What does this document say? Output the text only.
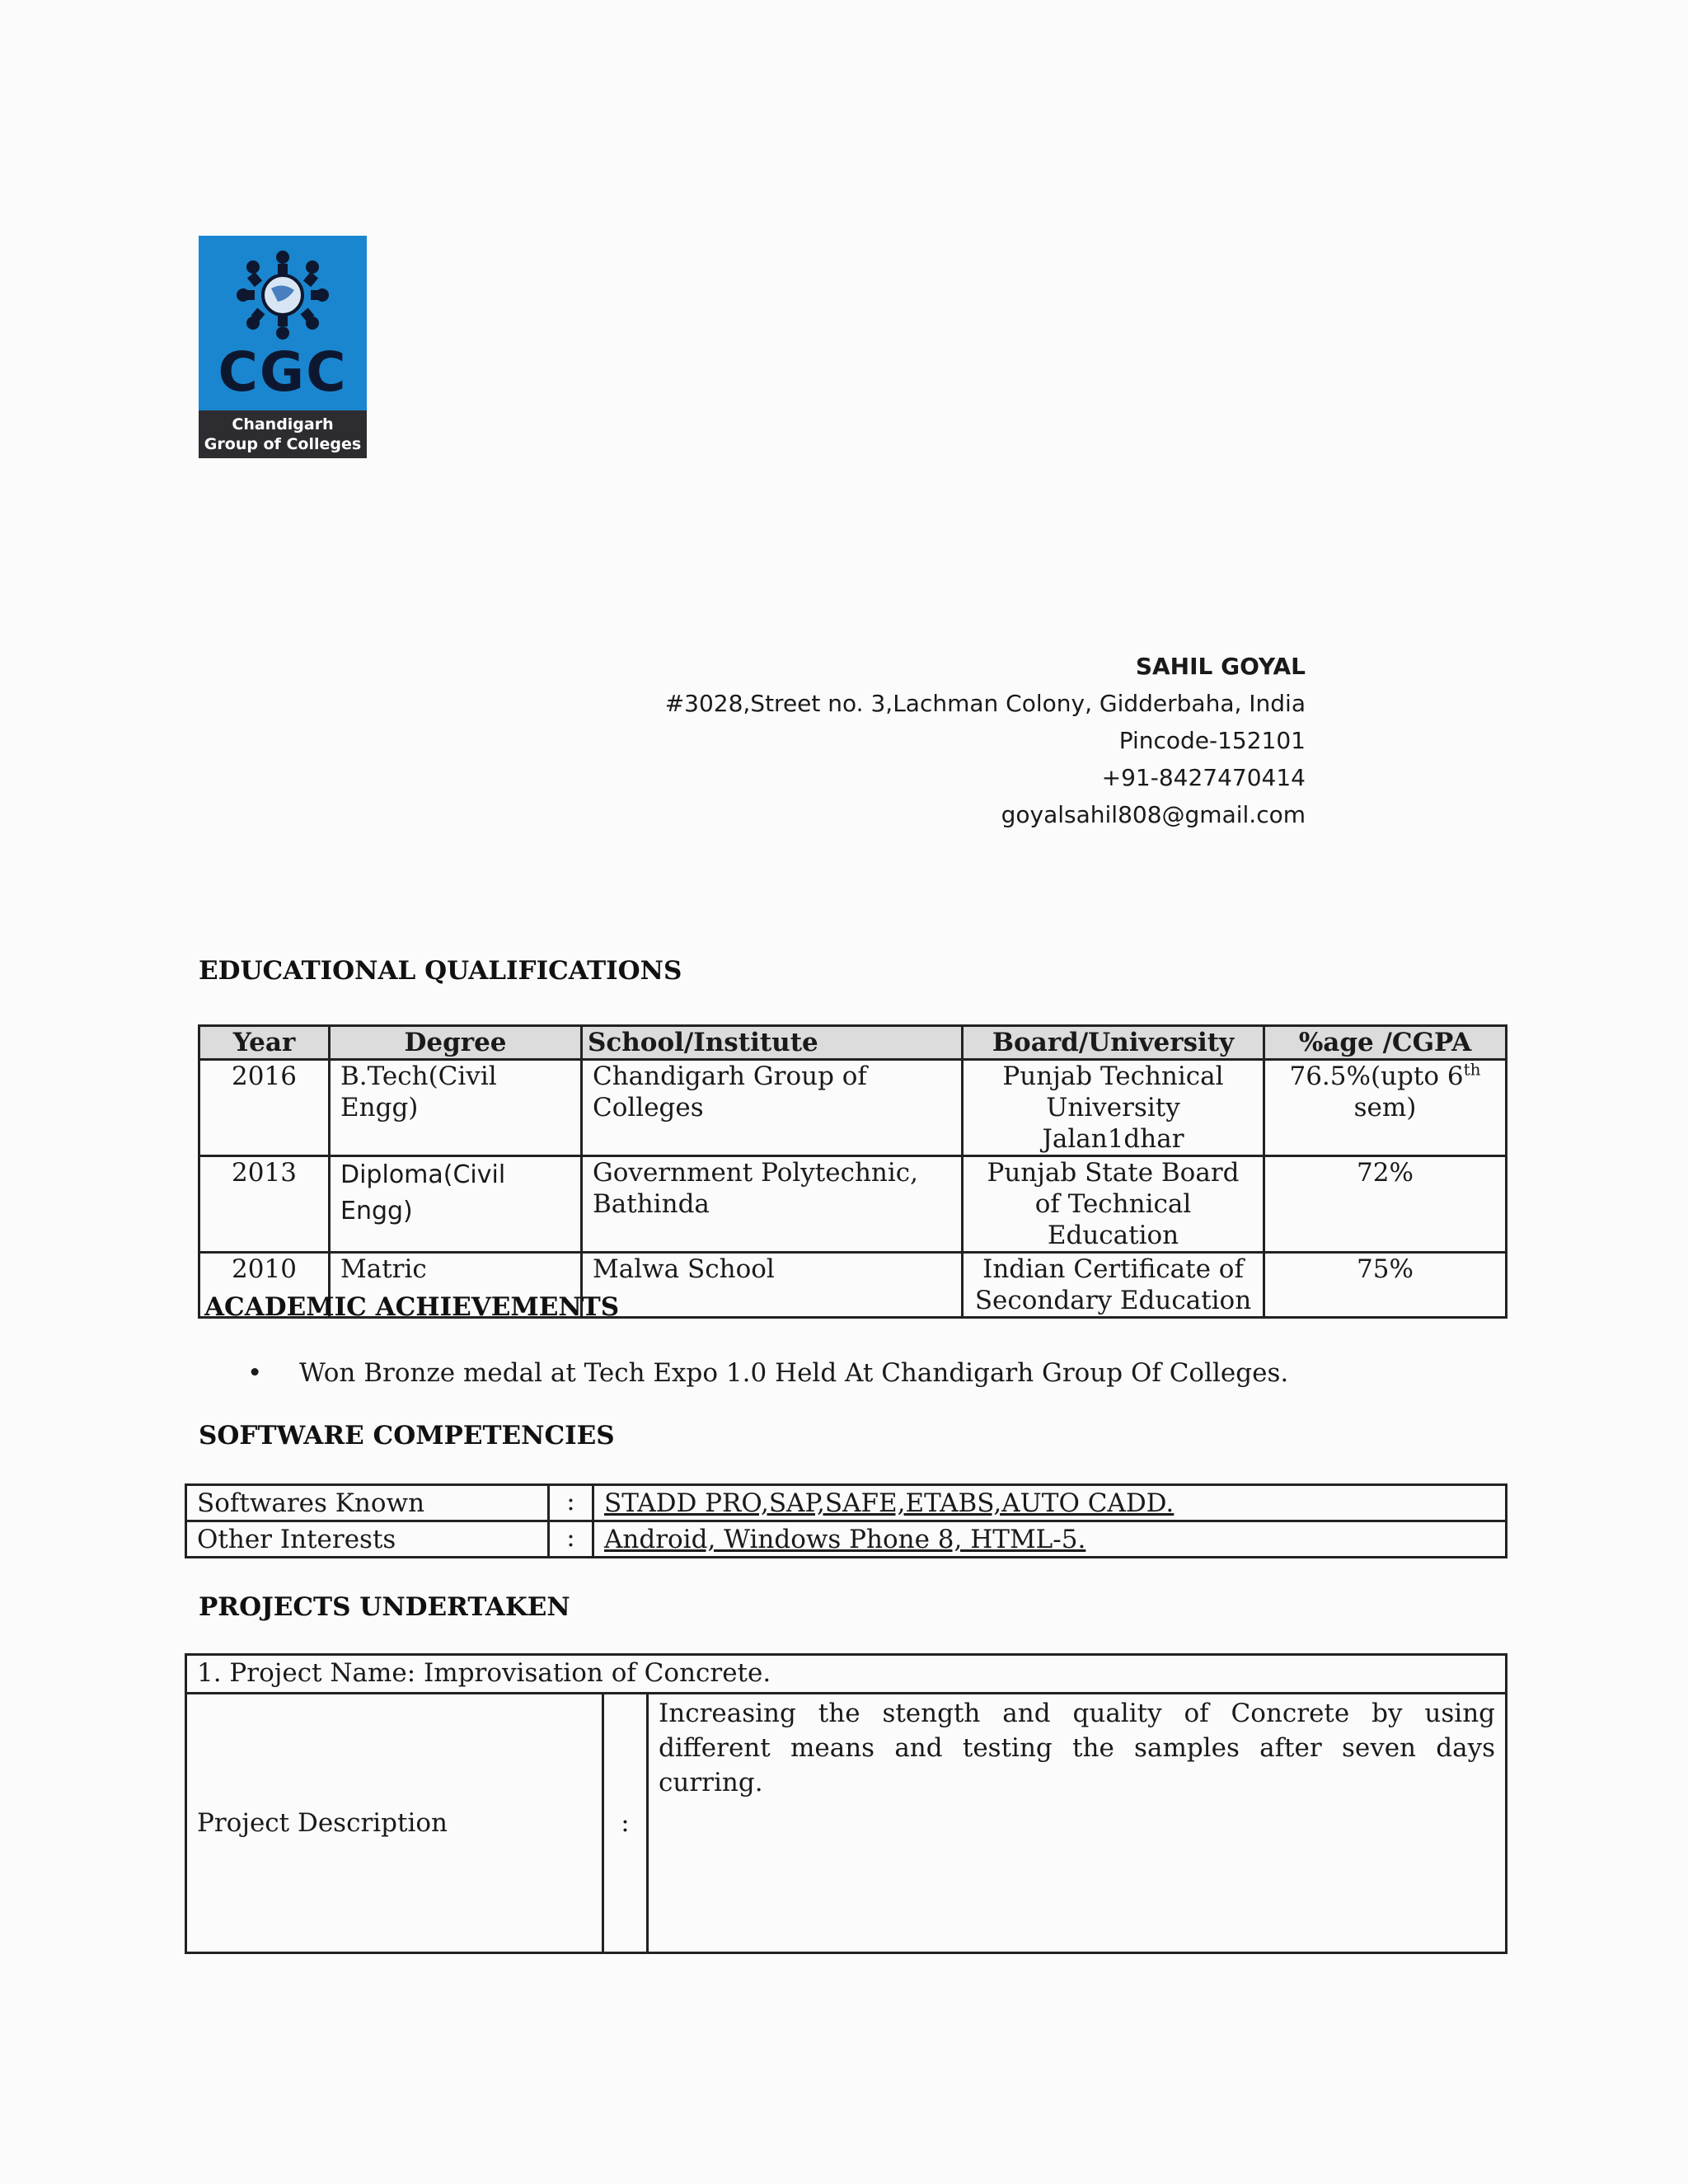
CGC
Chandigarh
Group of Colleges
SAHIL GOYAL
#3028,Street no. 3,Lachman Colony, Gidderbaha, India
Pincode-152101
+91-8427470414
goyalsahil808@gmail.com
EDUCATIONAL QUALIFICATIONS
Year	Degree	School/Institute	Board/University	%age /CGPA
2016	B.Tech(Civil Engg)	Chandigarh Group of Colleges	Punjab Technical University Jalan1dhar	76.5%(upto 6th sem)
2013	Diploma(Civil Engg)	Government Polytechnic, Bathinda	Punjab State Board of Technical Education	72%
2010	Matric	Malwa School	Indian Certificate of Secondary Education	75%
ACADEMIC ACHIEVEMENTS
• Won Bronze medal at Tech Expo 1.0 Held At Chandigarh Group Of Colleges.
SOFTWARE COMPETENCIES
Softwares Known	:	STADD PRO,SAP,SAFE,ETABS,AUTO CADD.
Other Interests	:	Android, Windows Phone 8, HTML-5.
PROJECTS UNDERTAKEN
1. Project Name: Improvisation of Concrete.
Project Description	:	Increasing the stength and quality of Concrete by using different means and testing the samples after seven days curring.
